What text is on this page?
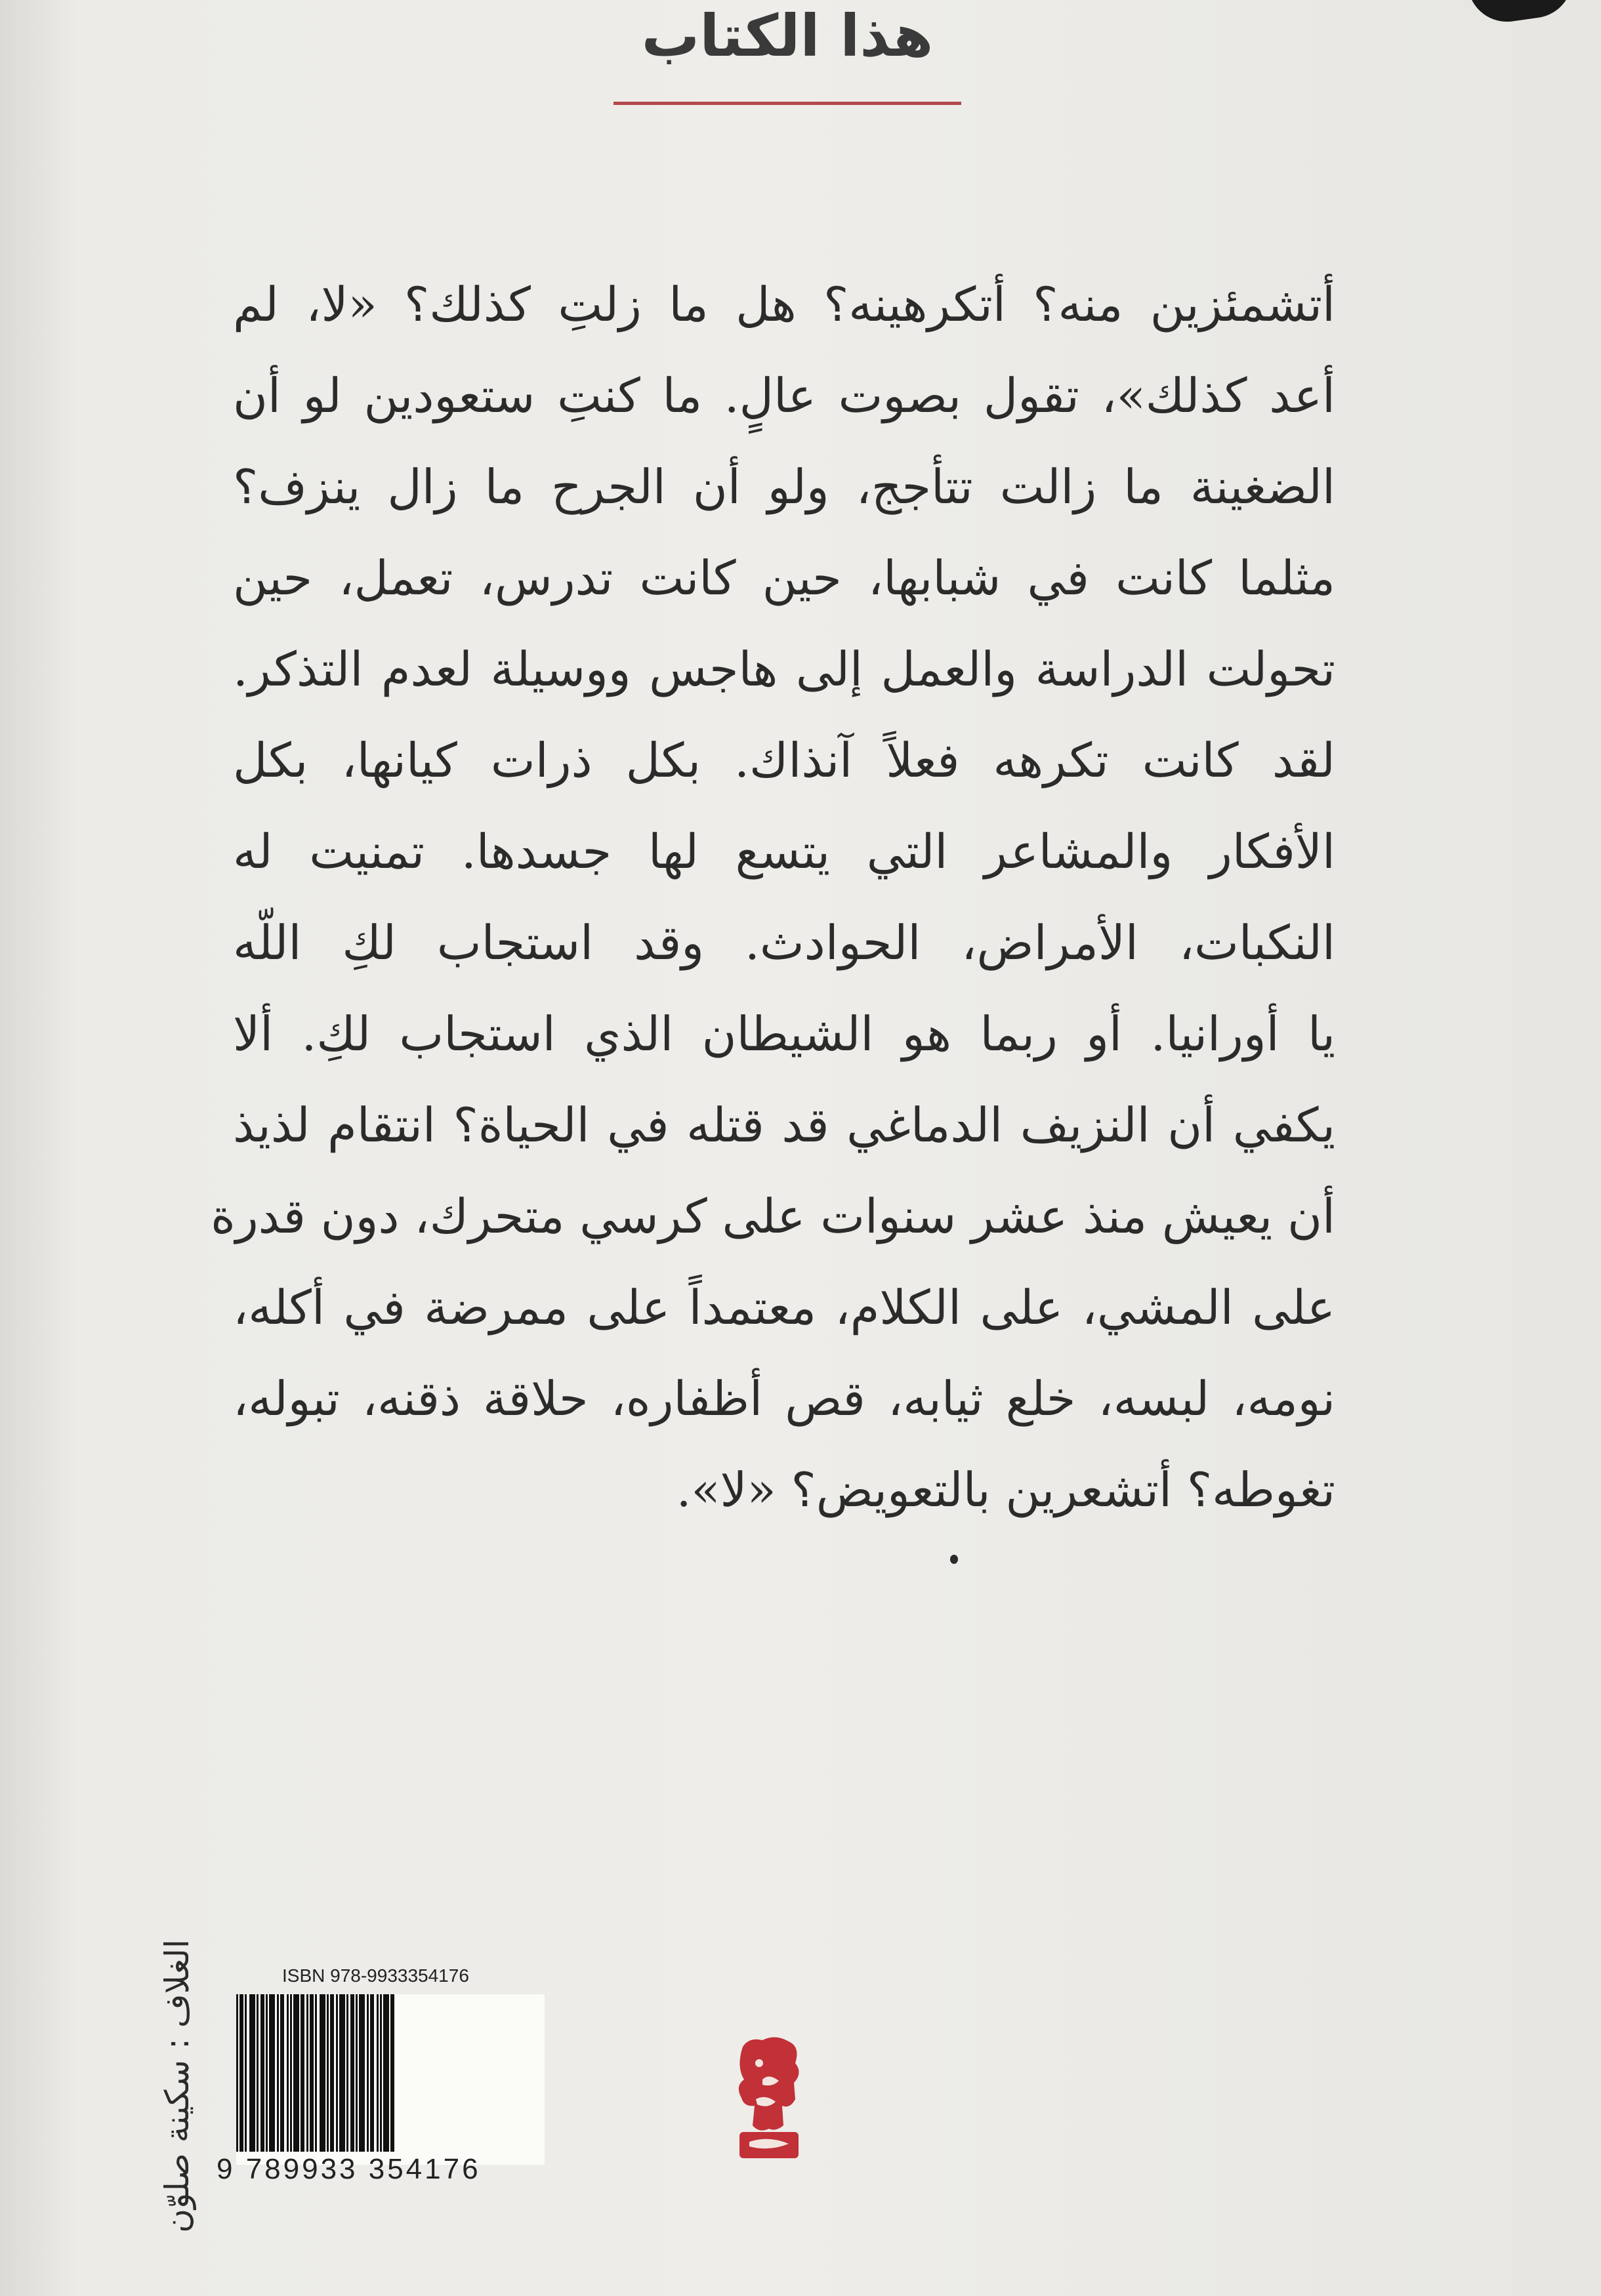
هذا الكتاب
أتشمئزين منه؟ أتكرهينه؟ هل ما زلتِ كذلك؟ «لا، لم
أعد كذلك»، تقول بصوت عالٍ. ما كنتِ ستعودين لو أن
الضغينة ما زالت تتأجج، ولو أن الجرح ما زال ينزف؟
مثلما كانت في شبابها، حين كانت تدرس، تعمل، حين
تحولت الدراسة والعمل إلى هاجس ووسيلة لعدم التذكر.
لقد كانت تكرهه فعلاً آنذاك. بكل ذرات كيانها، بكل
الأفكار والمشاعر التي يتسع لها جسدها. تمنيت له
النكبات، الأمراض، الحوادث. وقد استجاب لكِ اللّه
يا أورانيا. أو ربما هو الشيطان الذي استجاب لكِ. ألا
يكفي أن النزيف الدماغي قد قتله في الحياة؟ انتقام لذيذ
أن يعيش منذ عشر سنوات على كرسي متحرك، دون قدرة
على المشي، على الكلام، معتمداً على ممرضة في أكله،
نومه، لبسه، خلع ثيابه، قص أظفاره، حلاقة ذقنه، تبوله،
تغوطه؟ أتشعرين بالتعويض؟ «لا».
الغلاف : سكينة صلوّن	ISBN 978-9933354176
9 789933 354176
